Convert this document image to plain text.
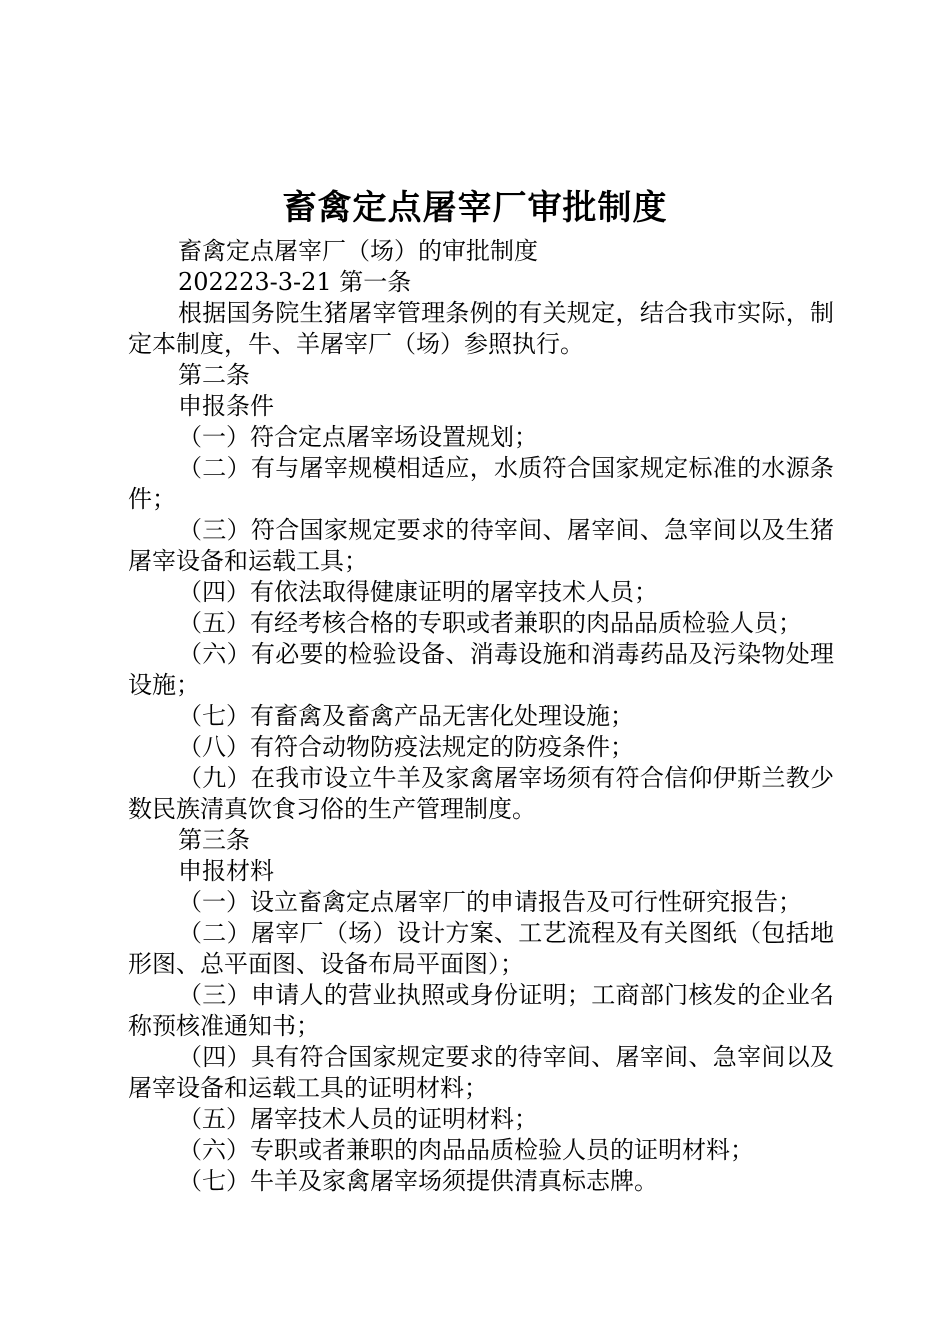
畜禽定点屠宰厂审批制度

畜禽定点屠宰厂（场）的审批制度

202223-3-21 第一条

根据国务院生猪屠宰管理条例的有关规定，结合我市实际，制定本制度，牛、羊屠宰厂（场）参照执行。

第二条

申报条件

（一）符合定点屠宰场设置规划；

（二）有与屠宰规模相适应，水质符合国家规定标准的水源条件；

（三）符合国家规定要求的待宰间、屠宰间、急宰间以及生猪屠宰设备和运载工具；

（四）有依法取得健康证明的屠宰技术人员；

（五）有经考核合格的专职或者兼职的肉品品质检验人员；

（六）有必要的检验设备、消毒设施和消毒药品及污染物处理设施；

（七）有畜禽及畜禽产品无害化处理设施；

（八）有符合动物防疫法规定的防疫条件；

（九）在我市设立牛羊及家禽屠宰场须有符合信仰伊斯兰教少数民族清真饮食习俗的生产管理制度。

第三条

申报材料

（一）设立畜禽定点屠宰厂的申请报告及可行性研究报告；

（二）屠宰厂（场）设计方案、工艺流程及有关图纸（包括地形图、总平面图、设备布局平面图）；

（三）申请人的营业执照或身份证明；工商部门核发的企业名称预核准通知书；

（四）具有符合国家规定要求的待宰间、屠宰间、急宰间以及屠宰设备和运载工具的证明材料；

（五）屠宰技术人员的证明材料；

（六）专职或者兼职的肉品品质检验人员的证明材料；

（七）牛羊及家禽屠宰场须提供清真标志牌。
